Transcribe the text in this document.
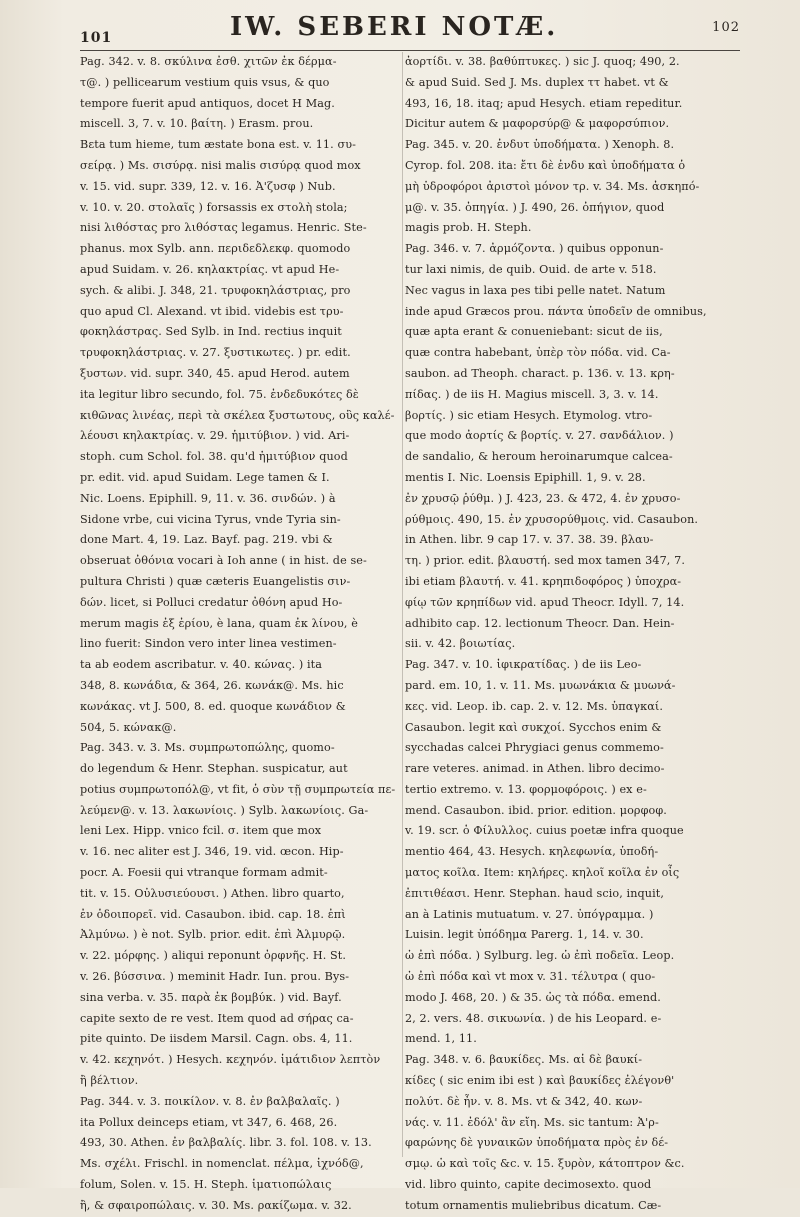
101	IW. SEBERI NOTÆ.	102
Pag. 342. v. 8. σκύλινα ἐσθ. χιτῶν ἐκ δέρμα-
τ@. ) pellicearum vestium quis vsus, & quo
tempore fuerit apud antiquos, docet H Mag.
miscell. 3, 7. v. 10. βαίτη. ) Erasm. prou.
Bεta tum hieme, tum æstate bona est. v. 11. συ-
σείρᾳ. ) Ms. σισύρᾳ. nisi malis σισύρᾳ quod mox
v. 15. vid. supr. 339, 12. v. 16. Ἀ'ζυσφ ) Nub.
v. 10. v. 20. στολαῖς ) forsassis ex στολὴ stola;
nisi λιθόστας pro λιθόστας legamus. Henric. Ste-
phanus. mox Sylb. ann. περιδεδλεκφ. quomodo
apud Suidam. v. 26. κηλακτρίας. vt apud He-
sych. & alibi. J. 348, 21. τρυφοκηλάστριας, pro
quo apud Cl. Alexand. vt ibid. videbis est τρυ-
φοκηλάστρας. Sed Sylb. in Ind. rectius inquit
τρυφοκηλάστριας. v. 27. ξυστικωτες. ) pr. edit.
ξυστων. vid. supr. 340, 45. apud Herod. autem
ita legitur libro secundo, fol. 75. ἐνδεδυκότες δὲ
κιθῶνας λινέας, περὶ τὰ σκέλεα ξυστωτους, οὓς καλέ-
λέουσι κηλακτρίας. v. 29. ἡμιτύβιον. ) vid. Ari-
stoph. cum Schol. fol. 38. qu'd ἡμιτύβιον quod
pr. edit. vid. apud Suidam. Lege tamen & I.
Nic. Loens. Epiphill. 9, 11. v. 36. σινδών. ) à
Sidone vrbe, cui vicina Tyrus, vnde Tyria sin-
done Mart. 4, 19. Laz. Bayf. pag. 219. vbi &
obseruat ὀθόνια vocari à Ioh anne ( in hist. de se-
pultura Christi ) quæ cæteris Euangelistis σιν-
δών. licet, si Polluci credatur ὀθόνη apud Ho-
merum magis ἐξ ἐρίου, è lana, quam ἐκ λίνου, è
lino fuerit: Sindon vero inter linea vestimen-
ta ab eodem ascribatur. v. 40. κώνας. ) ita
348, 8. κωνάδια, & 364, 26. κωνάκ@. Ms. hic
κωνάκας. vt J. 500, 8. ed. quoque κωνάδιον &
504, 5. κώνακ@.
Pag. 343. v. 3. Ms. συμπρωτοπώλης, quomo-
do legendum & Henr. Stephan. suspicatur, aut
potius συμπρωτοπόλ@, vt fit, ὁ σὺν τῇ συμπρωτεία πε-
λεύμεν@. v. 13. λακωνίοις. ) Sylb. λακωνίοις. Ga-
leni Lex. Hipp. vnico fcil. σ. item que mox
v. 16. nec aliter est J. 346, 19. vid. œcon. Hip-
pocr. A. Foesii qui vtranque formam admit-
tit. v. 15. Οὐλυσιεύουσι. ) Athen. libro quarto,
ἐν ὁδοιπορεῖ. vid. Casaubon. ibid. cap. 18. ἐπὶ
Ἀλμύνω. ) è not. Sylb. prior. edit. ἐπὶ Ἀλμυρῷ.
v. 22. μόρφης. ) aliqui reponunt ὀρφνῆς. H. St.
v. 26. βύσσινα. ) meminit Hadr. Iun. prou. Bys-
sina verba. v. 35. παρὰ ἐκ βομβύκ. ) vid. Bayf.
capite sexto de re vest. Item quod ad σήρας ca-
pite quinto. De iisdem Marsil. Cagn. obs. 4, 11.
v. 42. κεχηνότ. ) Hesych. κεχηνόν. ἱμάτιδιον λεπτὸν
ἢ βέλτιον.
Pag. 344. v. 3. ποικίλον. v. 8. ἐν βαλβαλαῖς. )
ita Pollux deinceps etiam, vt 347, 6. 468, 26.
493, 30. Athen. ἐν βαλβαλίς. libr. 3. fol. 108. v. 13.
Ms. σχέλι. Frischl. in nomenclat. πέλμα, ἰχνόδ@,
folum, Solen. v. 15. H. Steph. ἱματιοπώλαις
ἢ, & σφαιροπώλαις. v. 30. Ms. ρακίζωμα. v. 32.
ἀορτίδι. v. 38. βαθύπτυκες. ) sic J. quoq; 490, 2.
& apud Suid. Sed J. Ms. duplex ττ habet. vt &
493, 16, 18. itaq; apud Hesych. etiam repeditur.
Dicitur autem & μαφορσύρ@ & μαφορσύπιον.
Pag. 345. v. 20. ἐνδυτ ὑποδήματα. ) Xenoph. 8.
Cyrop. fol. 208. ita: ἔτι δὲ ἐνδυ καὶ ὑποδήματα ὁ
μὴ ὑδροφόροι ἀριστοὶ μόνον τρ. v. 34. Ms. ἀσκηπό-
μ@. v. 35. ὀπηγία. ) J. 490, 26. ὀπήγιον, quod
magis prob. H. Steph.
Pag. 346. v. 7. ἀρμόζοντα. ) quibus opponun-
tur laxi nimis, de quib. Ouid. de arte v. 518.
Nec vagus in laxa pes tibi pelle natet. Natum
inde apud Græcos prou. πάντα ὑποδεῖν de omnibus,
quæ apta erant & conueniebant: sicut de iis,
quæ contra habebant, ὑπὲρ τὸν πόδα. vid. Ca-
saubon. ad Theoph. charact. p. 136. v. 13. κρη-
πίδας. ) de iis H. Magius miscell. 3, 3. v. 14.
βορτίς. ) sic etiam Hesych. Etymolog. vtro-
que modo ἀορτίς & βορτίς. v. 27. σανδάλιον. )
de sandalio, & heroum heroinarumque calcea-
mentis I. Nic. Loensis Epiphill. 1, 9. v. 28.
ἐν χρυσῷ ῥύθμ. ) J. 423, 23. & 472, 4. ἐν χρυσο-
ρύθμοις. 490, 15. ἐν χρυσορύθμοις. vid. Casaubon.
in Athen. libr. 9 cap 17. v. 37. 38. 39. βλαυ-
τη. ) prior. edit. βλαυστή. sed mox tamen 347, 7.
ibi etiam βλαυτή. v. 41. κρηπιδοφόρος ) ὑποχρα-
φίῳ τῶν κρηπίδων vid. apud Theocr. Idyll. 7, 14.
adhibito cap. 12. lectionum Theocr. Dan. Hein-
sii. v. 42. βοιωτίας.
Pag. 347. v. 10. ἰφικρατίδας. ) de iis Leo-
pard. em. 10, 1. v. 11. Ms. μυωνάκια & μυωνά-
κες. vid. Leop. ib. cap. 2. v. 12. Ms. ὑπαγκαί.
Casaubon. legit καὶ συκχοί. Sycchos enim &
sycchadas calcei Phrygiaci genus commemo-
rare veteres. animad. in Athen. libro decimo-
tertio extremo. v. 13. φορμοφόροις. ) ex e-
mend. Casaubon. ibid. prior. edition. μορφοφ.
v. 19. scr. ὁ Φίλυλλος. cuius poetæ infra quoque
mentio 464, 43. Hesych. κηλεφωνία, ὑποδή-
ματος κοῖλα. Item: κηλήρες. κηλοῖ κοῖλα ἐν οἷς
ἐπιτιθέασι. Henr. Stephan. haud scio, inquit,
an à Latinis mutuatum. v. 27. ὑπόγραμμα. )
Luisin. legit ὑπόδημα Parerg. 1, 14. v. 30.
ὡ ἐπὶ πόδα. ) Sylburg. leg. ὡ ἐπὶ ποδεῖα. Leop.
ὡ ἐπὶ πόδα καὶ vt mox v. 31. τέλυτρα ( quo-
modo J. 468, 20. ) & 35. ὡς τὰ πόδα. emend.
2, 2. vers. 48. σικυωνία. ) de his Leopard. e-
mend. 1, 11.
Pag. 348. v. 6. βαυκίδες. Ms. αἱ δὲ βαυκί-
κίδες ( sic enim ibi est ) καὶ βαυκίδες ἐλέγονθ'
πολύτ. δὲ ἦν. v. 8. Ms. vt & 342, 40. κων-
νάς. v. 11. ἐδόλ' ἂν εἴη. Ms. sic tantum: Ἀ'ρ-
φαρώνης δὲ γυναικῶν ὑποδήματα πρὸς ἐν δέ-
σμῳ. ὡ καὶ τοῖς &c. v. 15. ξυρὸν, κάτοπτρον &c.
vid. libro quinto, capite decimosexto. quod
totum ornamentis muliebribus dicatum. Cæ-
